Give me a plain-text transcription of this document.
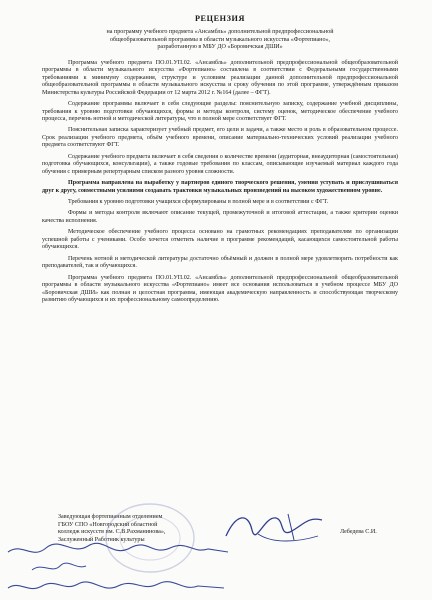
РЕЦЕНЗИЯ
на программу учебного предмета «Ансамбль» дополнительной предпрофессиональной
общеобразовательной программы в области музыкального искусства «Фортепиано»,
разработанную в МБУ ДО «Боровичская ДШИ»

Программа учебного предмета ПО.01.УП.02. «Ансамбль» дополнительной предпрофессиональной общеобразовательной программы в области музыкального искусства «Фортепиано» составлена в соответствии с Федеральными государственными требованиями к минимуму содержания, структуре и условиям реализации данной дополнительной предпрофессиональной общеобразовательной программы в области музыкального искусства и сроку обучения по этой программе, утверждённым приказом Министерства культуры Российской Федерации от 12 марта 2012 г. №164 (далее – ФГТ).

Содержание программы включает в себя следующие разделы: пояснительную записку, содержание учебной дисциплины, требования к уровню подготовки обучающихся, формы и методы контроля, систему оценок, методическое обеспечение учебного процесса, перечень нотной и методической литературы, что в полной мере соответствует ФГТ.

Пояснительная записка характеризует учебный предмет, его цели и задачи, а также место и роль в образовательном процессе. Срок реализации учебного предмета, объём учебного времени, описание материально-технических условий реализации учебного предмета соответствуют ФГТ.

Содержание учебного предмета включает в себя сведения о количестве времени (аудиторная, внеаудиторная (самостоятельная) подготовка обучающихся, консультации), а также годовые требования по классам, описывающие изучаемый материал каждого года обучения с примерным репертуарным списком разного уровня сложности.

Программа направлена на выработку у партнеров единого творческого решения, умения уступать и прислушиваться друг к другу, совместными усилиями создавать трактовки музыкальных произведений на высоком художественном уровне.

Требования к уровню подготовки учащихся сформулированы в полной мере и в соответствии с ФГТ.

Формы и методы контроля включают описание текущей, промежуточной и итоговой аттестации, а также критерии оценки качества исполнения.

Методическое обеспечение учебного процесса основано на грамотных рекомендациях преподавателям по организации успешной работы с учениками. Особо хочется отметить наличие в программе рекомендаций, касающихся самостоятельной работы обучающихся.

Перечень нотной и методической литературы достаточно объёмный и должен в полной мере удовлетворить потребности как преподавателей, так и обучающихся.

Программа учебного предмета ПО.01.УП.02. «Ансамбль» дополнительной предпрофессиональной общеобразовательной программы в области музыкального искусства «Фортепиано» имеет все основания использоваться в учебном процессе МБУ ДО «Боровичская ДШИ» как полная и целостная программа, имеющая академическую направленность и способствующая творческому развитию обучающихся и их профессиональному самоопределению.

Заведующая фортепианным отделением
ГБОУ СПО «Новгородский областной
колледж искусств им. С.В.Рахманинова»,
Заслуженный Работник культуры
Лебедева С.И.
